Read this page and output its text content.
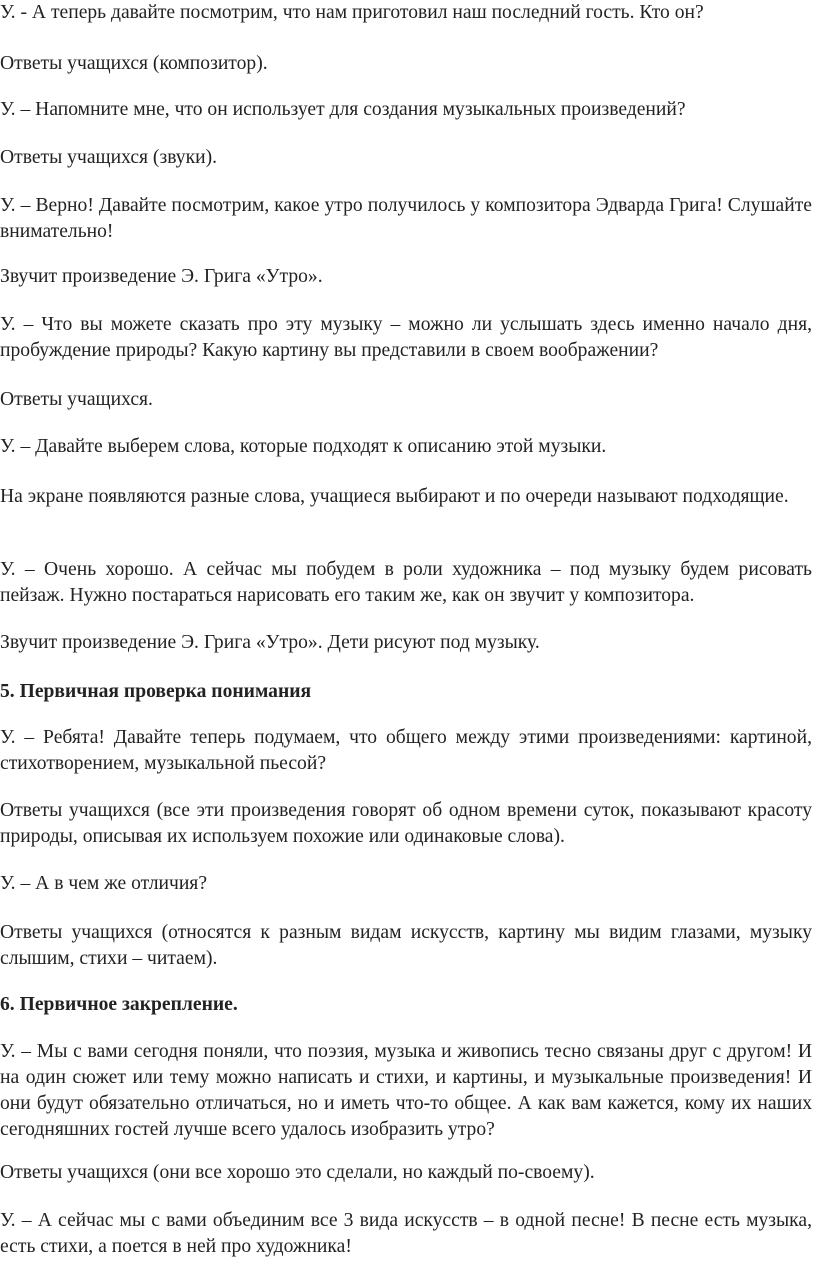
У. - А теперь давайте посмотрим, что нам приготовил наш последний гость. Кто он?

Ответы учащихся (композитор).

У. – Напомните мне, что он использует для создания музыкальных произведений?

Ответы учащихся (звуки).

У. – Верно! Давайте посмотрим, какое утро получилось у композитора Эдварда Грига! Слушайте внимательно!

Звучит произведение Э. Грига «Утро».

У. – Что вы можете сказать про эту музыку – можно ли услышать здесь именно начало дня, пробуждение природы? Какую картину вы представили в своем воображении?

Ответы учащихся.

У. – Давайте выберем слова, которые подходят к описанию этой музыки.

На экране появляются разные слова, учащиеся выбирают и по очереди называют подходящие.

У. – Очень хорошо. А сейчас мы побудем в роли художника – под музыку будем рисовать пейзаж. Нужно постараться нарисовать его таким же, как он звучит у композитора.

Звучит произведение Э. Грига «Утро». Дети рисуют под музыку.

5. Первичная проверка понимания

У. – Ребята! Давайте теперь подумаем, что общего между этими произведениями: картиной, стихотворением, музыкальной пьесой?

Ответы учащихся (все эти произведения говорят об одном времени суток, показывают красоту природы, описывая их используем похожие или одинаковые слова).

У. – А в чем же отличия?

Ответы учащихся (относятся к разным видам искусств, картину мы видим глазами, музыку слышим, стихи – читаем).

6. Первичное закрепление.

У. – Мы с вами сегодня поняли, что поэзия, музыка и живопись тесно связаны друг с другом! И на один сюжет или тему можно написать и стихи, и картины, и музыкальные произведения! И они будут обязательно отличаться, но и иметь что-то общее. А как вам кажется, кому их наших сегодняшних гостей лучше всего удалось изобразить утро?

Ответы учащихся (они все хорошо это сделали, но каждый по-своему).

У. – А сейчас мы с вами объединим все 3 вида искусств – в одной песне! В песне есть музыка, есть стихи, а поется в ней про художника!
